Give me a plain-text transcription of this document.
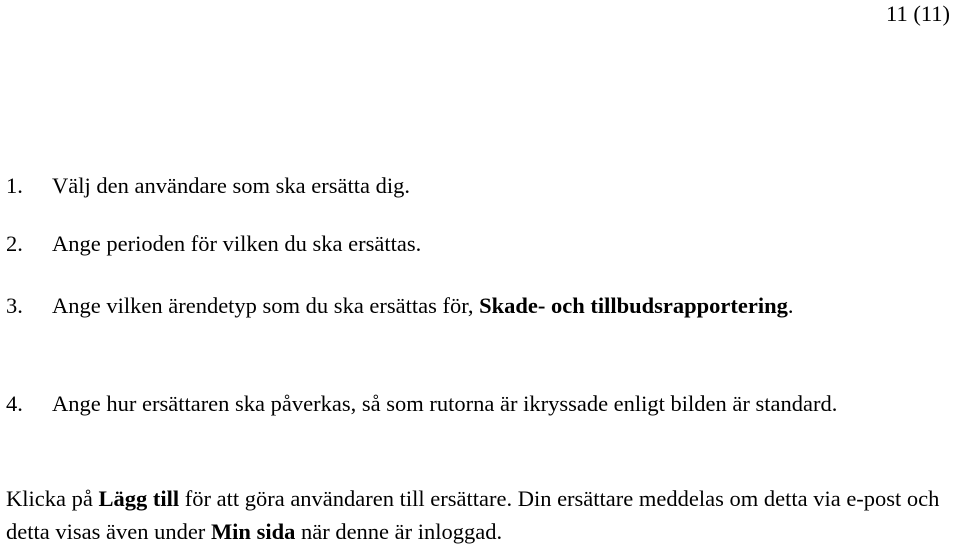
11 (11)
1. Välj den användare som ska ersätta dig.
2. Ange perioden för vilken du ska ersättas.
3. Ange vilken ärendetyp som du ska ersättas för, Skade- och tillbudsrapportering.
4. Ange hur ersättaren ska påverkas, så som rutorna är ikryssade enligt bilden är standard.
Klicka på Lägg till för att göra användaren till ersättare. Din ersättare meddelas om detta via e-post och detta visas även under Min sida när denne är inloggad.
